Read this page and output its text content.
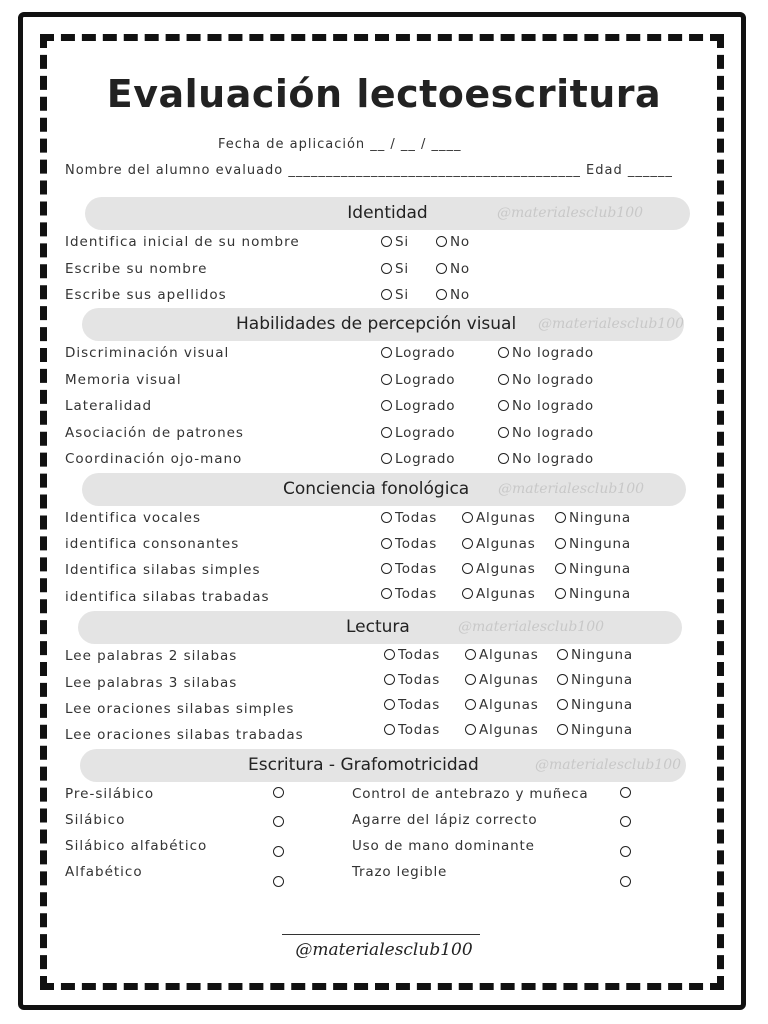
Evaluación lectoescritura
Fecha de aplicación __ / __ / ____
Nombre del alumno evaluado _______________________________________ Edad ______
Identidad	@materialesclub100
Identifica inicial de su nombre	Si	No
Escribe su nombre	Si	No
Escribe sus apellidos	Si	No
Habilidades de percepción visual	@materialesclub100
Discriminación visual	Logrado	No logrado
Memoria visual	Logrado	No logrado
Lateralidad	Logrado	No logrado
Asociación de patrones	Logrado	No logrado
Coordinación ojo-mano	Logrado	No logrado
Conciencia fonológica	@materialesclub100
Identifica vocales	Todas	Algunas	Ninguna
identifica consonantes	Todas	Algunas	Ninguna
Identifica silabas simples	Todas	Algunas	Ninguna
identifica silabas trabadas	Todas	Algunas	Ninguna
Lectura	@materialesclub100
Lee palabras 2 silabas	Todas	Algunas	Ninguna
Lee palabras 3 silabas	Todas	Algunas	Ninguna
Lee oraciones silabas simples	Todas	Algunas	Ninguna
Lee oraciones silabas trabadas	Todas	Algunas	Ninguna
Escritura - Grafomotricidad	@materialesclub100
Pre-silábico	Control de antebrazo y muñeca
Silábico	Agarre del lápiz correcto
Silábico alfabético	Uso de mano dominante
Alfabético	Trazo legible
@materialesclub100
